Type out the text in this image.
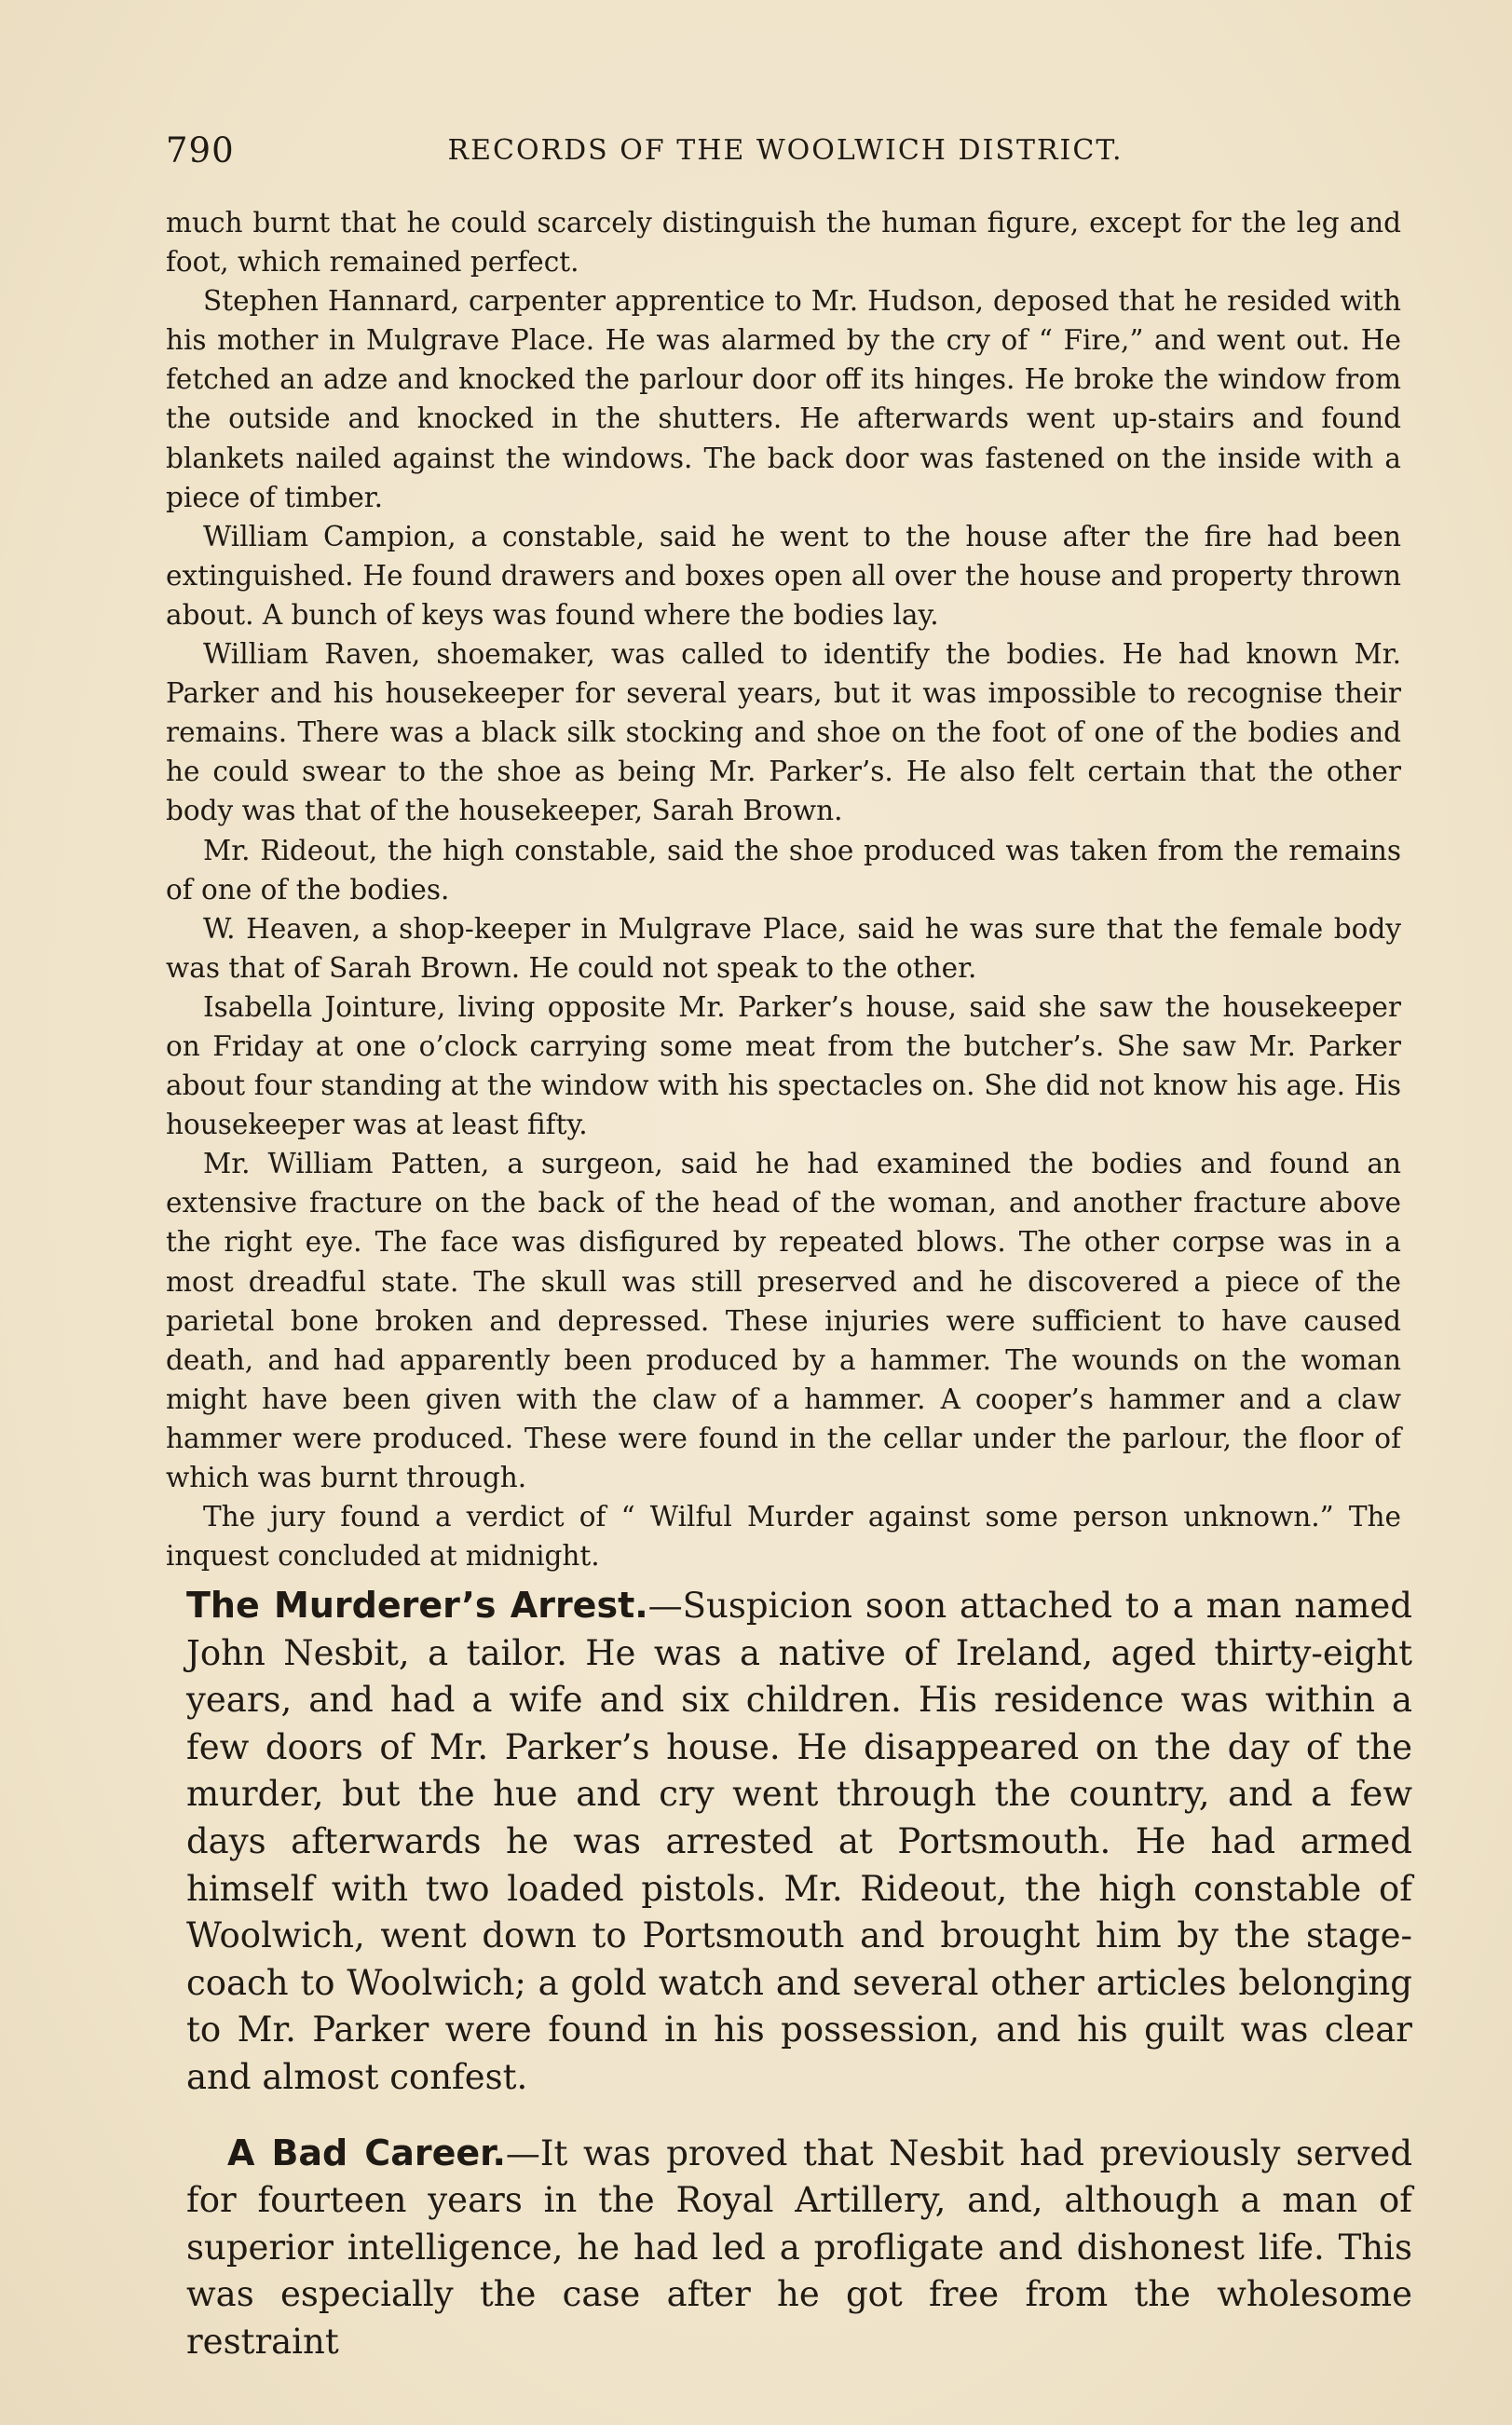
790	RECORDS OF THE WOOLWICH DISTRICT.

much burnt that he could scarcely distinguish the human figure, except for the leg and foot, which remained perfect.

Stephen Hannard, carpenter apprentice to Mr. Hudson, deposed that he resided with his mother in Mulgrave Place. He was alarmed by the cry of “ Fire,” and went out. He fetched an adze and knocked the parlour door off its hinges. He broke the window from the outside and knocked in the shutters. He afterwards went up-stairs and found blankets nailed against the windows. The back door was fastened on the inside with a piece of timber.

William Campion, a constable, said he went to the house after the fire had been extinguished. He found drawers and boxes open all over the house and property thrown about. A bunch of keys was found where the bodies lay.

William Raven, shoemaker, was called to identify the bodies. He had known Mr. Parker and his housekeeper for several years, but it was impossible to recognise their remains. There was a black silk stocking and shoe on the foot of one of the bodies and he could swear to the shoe as being Mr. Parker’s. He also felt certain that the other body was that of the housekeeper, Sarah Brown.

Mr. Rideout, the high constable, said the shoe produced was taken from the remains of one of the bodies.

W. Heaven, a shop-keeper in Mulgrave Place, said he was sure that the female body was that of Sarah Brown. He could not speak to the other.

Isabella Jointure, living opposite Mr. Parker’s house, said she saw the housekeeper on Friday at one o’clock carrying some meat from the butcher’s. She saw Mr. Parker about four standing at the window with his spectacles on. She did not know his age. His housekeeper was at least fifty.

Mr. William Patten, a surgeon, said he had examined the bodies and found an extensive fracture on the back of the head of the woman, and another fracture above the right eye. The face was disfigured by repeated blows. The other corpse was in a most dreadful state. The skull was still preserved and he discovered a piece of the parietal bone broken and depressed. These injuries were sufficient to have caused death, and had apparently been produced by a hammer. The wounds on the woman might have been given with the claw of a hammer. A cooper’s hammer and a claw hammer were produced. These were found in the cellar under the parlour, the floor of which was burnt through.

The jury found a verdict of “ Wilful Murder against some person unknown.” The inquest concluded at midnight.

The Murderer’s Arrest.—Suspicion soon attached to a man named John Nesbit, a tailor. He was a native of Ireland, aged thirty-eight years, and had a wife and six children. His residence was within a few doors of Mr. Parker’s house. He disappeared on the day of the murder, but the hue and cry went through the country, and a few days afterwards he was arrested at Portsmouth. He had armed himself with two loaded pistols. Mr. Rideout, the high constable of Woolwich, went down to Portsmouth and brought him by the stage-coach to Woolwich; a gold watch and several other articles belonging to Mr. Parker were found in his possession, and his guilt was clear and almost confest.

A Bad Career.—It was proved that Nesbit had previously served for fourteen years in the Royal Artillery, and, although a man of superior intelligence, he had led a profligate and dishonest life. This was especially the case after he got free from the wholesome restraint
